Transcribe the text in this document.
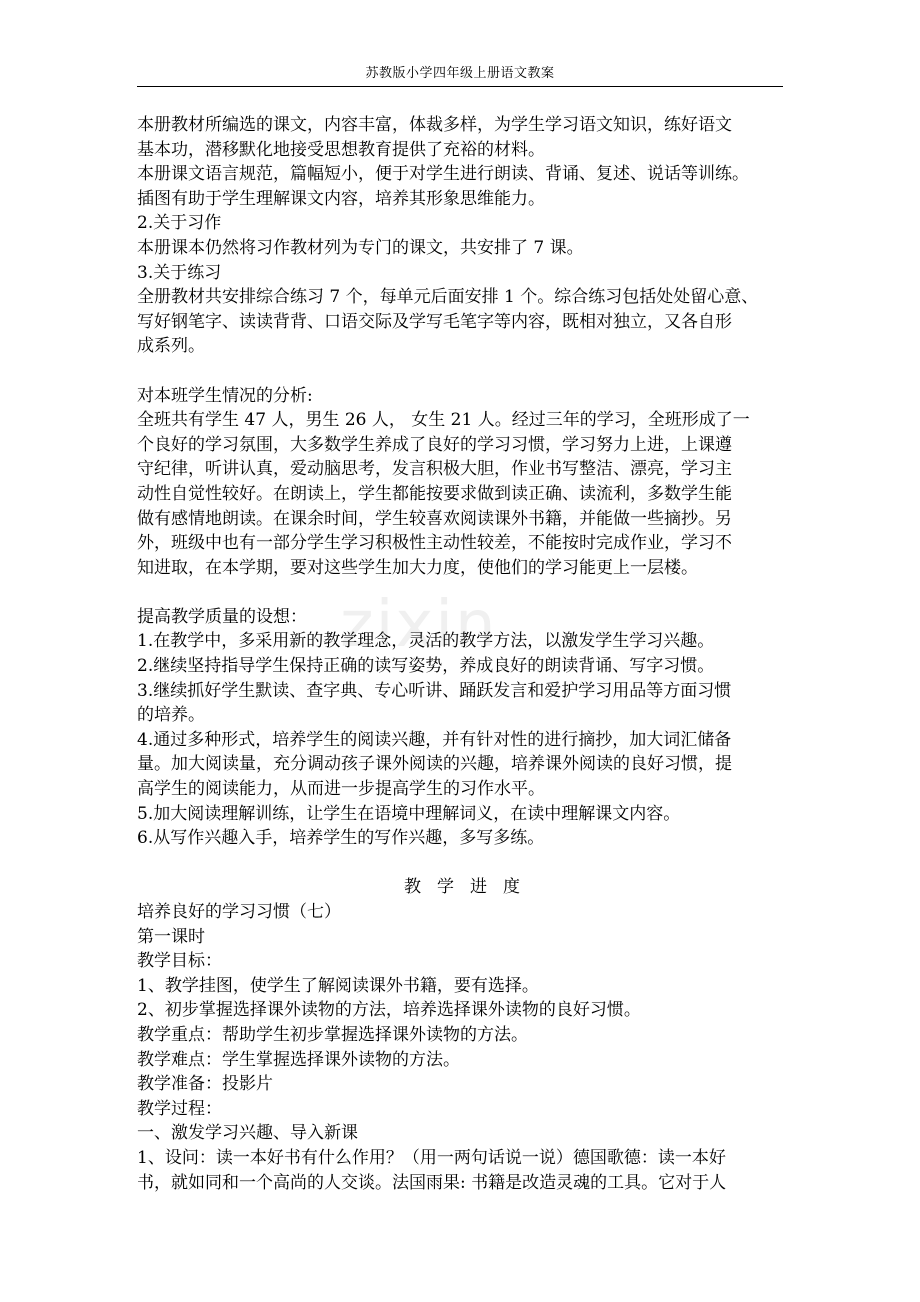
苏教版小学四年级上册语文教案
zixin
本册教材所编选的课文，内容丰富，体裁多样，为学生学习语文知识，练好语文
基本功，潜移默化地接受思想教育提供了充裕的材料。
本册课文语言规范，篇幅短小，便于对学生进行朗读、背诵、复述、说话等训练。
插图有助于学生理解课文内容，培养其形象思维能力。
2.关于习作
本册课本仍然将习作教材列为专门的课文，共安排了 7 课。
3.关于练习
全册教材共安排综合练习 7 个，每单元后面安排 1 个。综合练习包括处处留心意、
写好钢笔字、读读背背、口语交际及学写毛笔字等内容，既相对独立，又各自形
成系列。
对本班学生情况的分析:
全班共有学生 47 人，男生 26 人， 女生 21 人。经过三年的学习，全班形成了一
个良好的学习氛围，大多数学生养成了良好的学习习惯，学习努力上进，上课遵
守纪律，听讲认真，爱动脑思考，发言积极大胆，作业书写整洁、漂亮，学习主
动性自觉性较好。在朗读上，学生都能按要求做到读正确、读流利，多数学生能
做有感情地朗读。在课余时间，学生较喜欢阅读课外书籍，并能做一些摘抄。另
外，班级中也有一部分学生学习积极性主动性较差，不能按时完成作业，学习不
知进取，在本学期，要对这些学生加大力度，使他们的学习能更上一层楼。
提高教学质量的设想：
1.在教学中，多采用新的教学理念，灵活的教学方法，以激发学生学习兴趣。
2.继续坚持指导学生保持正确的读写姿势，养成良好的朗读背诵、写字习惯。
3.继续抓好学生默读、查字典、专心听讲、踊跃发言和爱护学习用品等方面习惯
的培养。
4.通过多种形式，培养学生的阅读兴趣，并有针对性的进行摘抄，加大词汇储备
量。加大阅读量，充分调动孩子课外阅读的兴趣，培养课外阅读的良好习惯，提
高学生的阅读能力，从而进一步提高学生的习作水平。
5.加大阅读理解训练，让学生在语境中理解词义，在读中理解课文内容。
6.从写作兴趣入手，培养学生的写作兴趣，多写多练。
教学进度
培养良好的学习习惯（七）
第一课时
教学目标：
1、教学挂图，使学生了解阅读课外书籍，要有选择。
2、初步掌握选择课外读物的方法，培养选择课外读物的良好习惯。
教学重点：帮助学生初步掌握选择课外读物的方法。
教学难点：学生掌握选择课外读物的方法。
教学准备：投影片
教学过程：
一、激发学习兴趣、导入新课
1、设问：读一本好书有什么作用？（用一两句话说一说）德国歌德：读一本好
书，就如同和一个高尚的人交谈。法国雨果: 书籍是改造灵魂的工具。它对于人
